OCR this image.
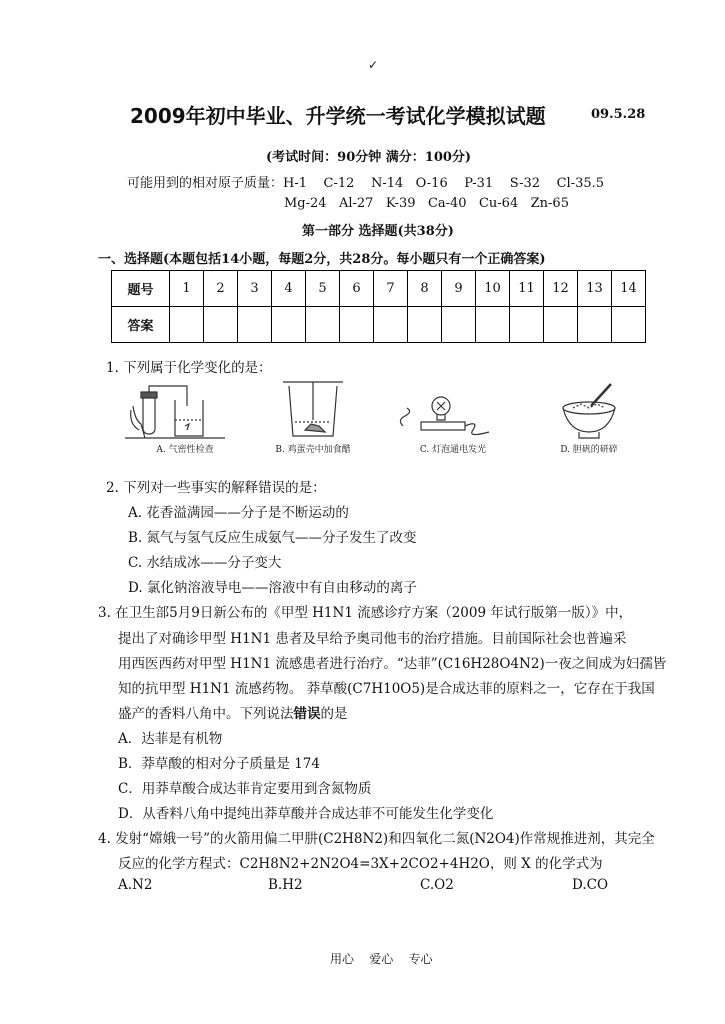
✓
2009年初中毕业、升学统一考试化学模拟试题	09.5.28
(考试时间：90分钟 满分：100分)
可能用到的相对原子质量：H-1    C-12    N-14   O-16    P-31    S-32    Cl-35.5
Mg-24   Al-27   K-39   Ca-40   Cu-64   Zn-65
第一部分 选择题(共38分)
一、选择题(本题包括14小题，每题2分，共28分。每小题只有一个正确答案)
题号	1	2	3	4	5	6	7	8	9	10	11	12	13	14
答案														
1. 下列属于化学变化的是：
A. 气密性检查	B. 鸡蛋壳中加食醋	C. 灯泡通电发光	D. 胆矾的研碎
2. 下列对一些事实的解释错误的是：
A. 花香溢满园——分子是不断运动的
B. 氮气与氢气反应生成氨气——分子发生了改变
C. 水结成冰——分子变大
D. 氯化钠溶液导电——溶液中有自由移动的离子
3. 在卫生部5月9日新公布的《甲型 H1N1 流感诊疗方案（2009 年试行版第一版）》中，
提出了对确诊甲型 H1N1 患者及早给予奥司他韦的治疗措施。目前国际社会也普遍采
用西医西药对甲型 H1N1 流感患者进行治疗。“达菲”(C16H28O4N2)一夜之间成为妇孺皆
知的抗甲型 H1N1 流感药物。 莽草酸(C7H10O5)是合成达菲的原料之一，它存在于我国
盛产的香料八角中。下列说法错误的是
A．达菲是有机物
B．莽草酸的相对分子质量是 174
C．用莽草酸合成达菲肯定要用到含氮物质
D．从香料八角中提纯出莽草酸并合成达菲不可能发生化学变化
4. 发射“嫦娥一号”的火箭用偏二甲肼(C2H8N2)和四氧化二氮(N2O4)作常规推进剂，其完全
反应的化学方程式：C2H8N2+2N2O4=3X+2CO2+4H2O，则 X 的化学式为
A.N2	B.H2	C.O2	D.CO
用心    爱心    专心
